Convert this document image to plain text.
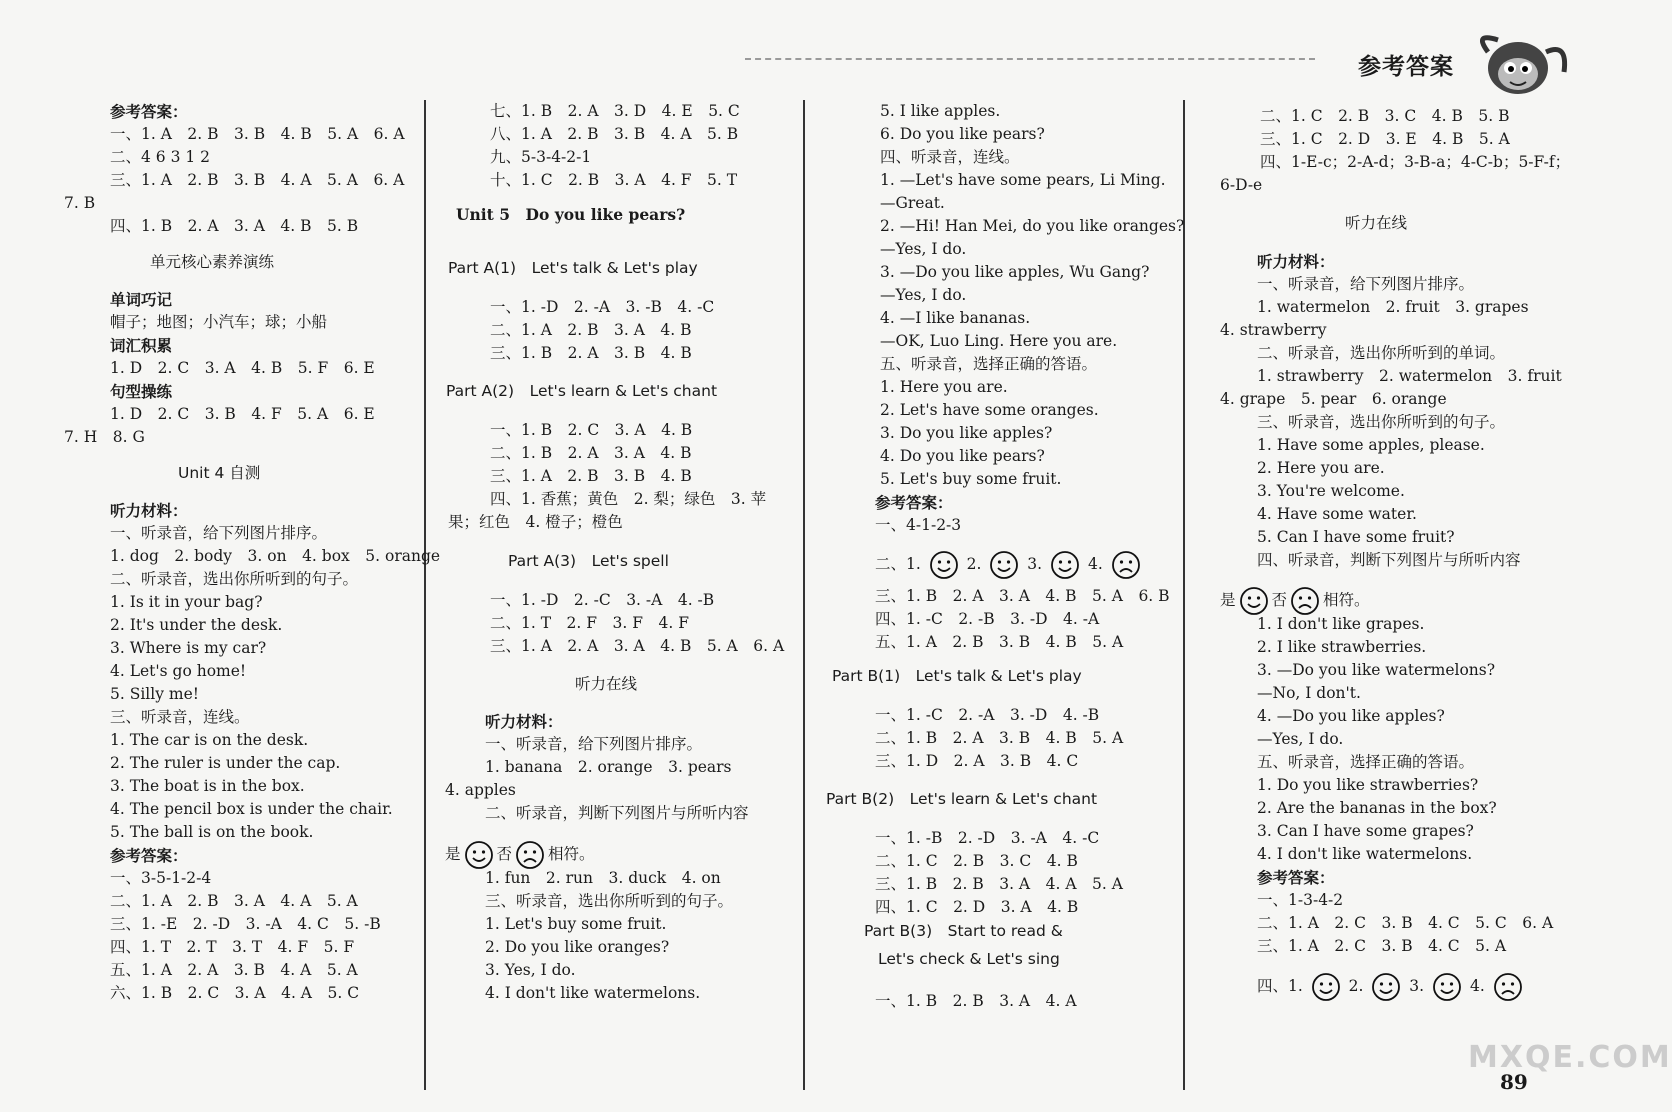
参考答案
参考答案：
一、1. A　2. B　3. B　4. B　5. A　6. A
二、4 6 3 1 2
三、1. A　2. B　3. B　4. A　5. A　6. A
7. B
四、1. B　2. A　3. A　4. B　5. B
单元核心素养演练
单词巧记
帽子；地图；小汽车；球；小船
词汇积累
1. D　2. C　3. A　4. B　5. F　6. E
句型操练
1. D　2. C　3. B　4. F　5. A　6. E
7. H　8. G
Unit 4 自测
听力材料：
一、听录音，给下列图片排序。
1. dog　2. body　3. on　4. box　5. orange
二、听录音，选出你所听到的句子。
1. Is it in your bag?
2. It's under the desk.
3. Where is my car?
4. Let's go home!
5. Silly me!
三、听录音，连线。
1. The car is on the desk.
2. The ruler is under the cap.
3. The boat is in the box.
4. The pencil box is under the chair.
5. The ball is on the book.
参考答案：
一、3-5-1-2-4
二、1. A　2. B　3. A　4. A　5. A
三、1. -E　2. -D　3. -A　4. C　5. -B
四、1. T　2. T　3. T　4. F　5. F
五、1. A　2. A　3. B　4. A　5. A
六、1. B　2. C　3. A　4. A　5. C
七、1. B　2. A　3. D　4. E　5. C
八、1. A　2. B　3. B　4. A　5. B
九、5-3-4-2-1
十、1. C　2. B　3. A　4. F　5. T
Unit 5　Do you like pears?
Part A(1)　Let's talk & Let's play
一、1. -D　2. -A　3. -B　4. -C
二、1. A　2. B　3. A　4. B
三、1. B　2. A　3. B　4. B
Part A(2)　Let's learn & Let's chant
一、1. B　2. C　3. A　4. B
二、1. B　2. A　3. A　4. B
三、1. A　2. B　3. B　4. B
四、1. 香蕉；黄色　2. 梨；绿色　3. 苹
果；红色　4. 橙子；橙色
Part A(3)　Let's spell
一、1. -D　2. -C　3. -A　4. -B
二、1. T　2. F　3. F　4. F
三、1. A　2. A　3. A　4. B　5. A　6. A
听力在线
听力材料：
一、听录音，给下列图片排序。
1. banana　2. orange　3. pears
4. apples
二、听录音，判断下列图片与所听内容
是 否 相符。
1. fun　2. run　3. duck　4. on
三、听录音，选出你所听到的句子。
1. Let's buy some fruit.
2. Do you like oranges?
3. Yes, I do.
4. I don't like watermelons.
5. I like apples.
6. Do you like pears?
四、听录音，连线。
1. —Let's have some pears, Li Ming.
—Great.
2. —Hi! Han Mei, do you like oranges?
—Yes, I do.
3. —Do you like apples, Wu Gang?
—Yes, I do.
4. —I like bananas.
—OK, Luo Ling. Here you are.
五、听录音，选择正确的答语。
1. Here you are.
2. Let's have some oranges.
3. Do you like apples?
4. Do you like pears?
5. Let's buy some fruit.
参考答案：
一、4-1-2-3
二、1.  2.  3.  4.
三、1. B　2. A　3. A　4. B　5. A　6. B
四、1. -C　2. -B　3. -D　4. -A
五、1. A　2. B　3. B　4. B　5. A
Part B(1)　Let's talk & Let's play
一、1. -C　2. -A　3. -D　4. -B
二、1. B　2. A　3. B　4. B　5. A
三、1. D　2. A　3. B　4. C
Part B(2)　Let's learn & Let's chant
一、1. -B　2. -D　3. -A　4. -C
二、1. C　2. B　3. C　4. B
三、1. B　2. B　3. A　4. A　5. A
四、1. C　2. D　3. A　4. B
Part B(3)　Start to read &
Let's check & Let's sing
一、1. B　2. B　3. A　4. A
二、1. C　2. B　3. C　4. B　5. B
三、1. C　2. D　3. E　4. B　5. A
四、1-E-c；2-A-d；3-B-a；4-C-b；5-F-f；
6-D-e
听力在线
听力材料：
一、听录音，给下列图片排序。
1. watermelon　2. fruit　3. grapes
4. strawberry
二、听录音，选出你所听到的单词。
1. strawberry　2. watermelon　3. fruit
4. grape　5. pear　6. orange
三、听录音，选出你所听到的句子。
1. Have some apples, please.
2. Here you are.
3. You're welcome.
4. Have some water.
5. Can I have some fruit?
四、听录音，判断下列图片与所听内容
是 否 相符。
1. I don't like grapes.
2. I like strawberries.
3. —Do you like watermelons?
—No, I don't.
4. —Do you like apples?
—Yes, I do.
五、听录音，选择正确的答语。
1. Do you like strawberries?
2. Are the bananas in the box?
3. Can I have some grapes?
4. I don't like watermelons.
参考答案：
一、1-3-4-2
二、1. A　2. C　3. B　4. C　5. C　6. A
三、1. A　2. C　3. B　4. C　5. A
四、1.  2.  3.  4.
MXQE.COM
89
